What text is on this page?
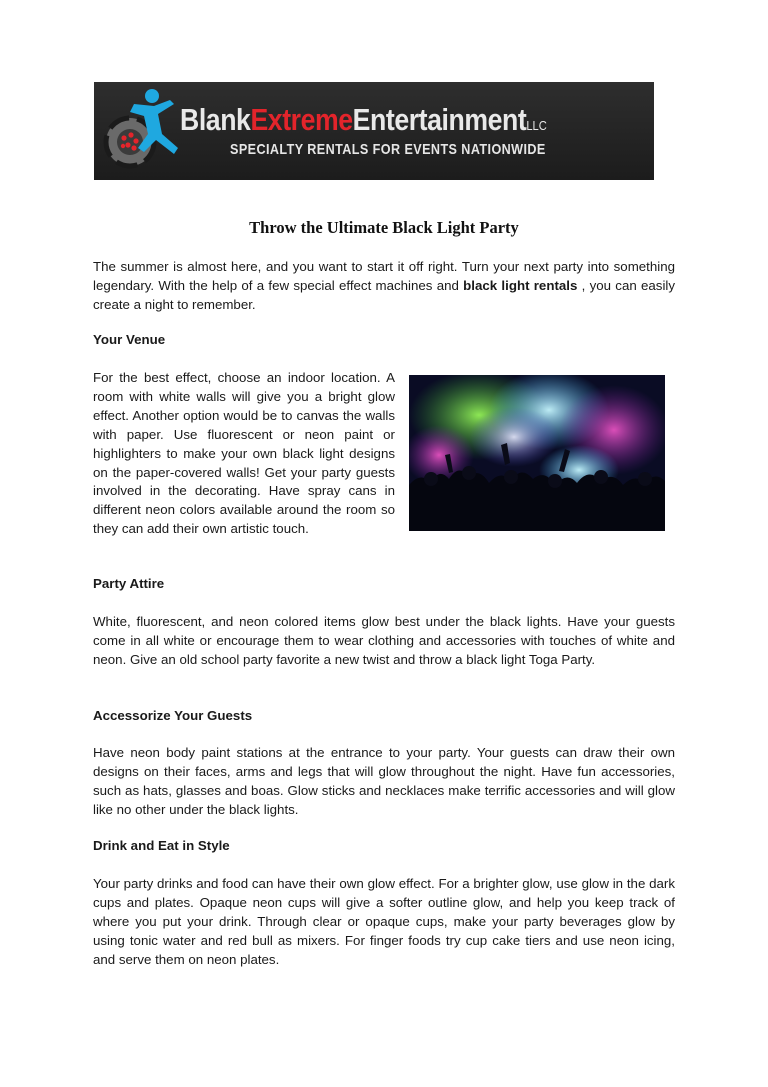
BlankExtremeEntertainmentLLC
SPECIALTY RENTALS FOR EVENTS NATIONWIDE
Throw the Ultimate Black Light Party

The summer is almost here, and you want to start it off right. Turn your next party into something legendary. With the help of a few special effect machines and black light rentals , you can easily create a night to remember.

Your Venue

For the best effect, choose an indoor location. A room with white walls will give you a bright glow effect. Another option would be to canvas the walls with paper. Use fluorescent or neon paint or highlighters to make your own black light designs on the paper-covered walls! Get your party guests involved in the decorating. Have spray cans in different neon colors available around the room so they can add their own artistic touch.

Party Attire

White, fluorescent, and neon colored items glow best under the black lights. Have your guests come in all white or encourage them to wear clothing and accessories with touches of white and neon. Give an old school party favorite a new twist and throw a black light Toga Party.

Accessorize Your Guests

Have neon body paint stations at the entrance to your party. Your guests can draw their own designs on their faces, arms and legs that will glow throughout the night. Have fun accessories, such as hats, glasses and boas. Glow sticks and necklaces make terrific accessories and will glow like no other under the black lights.

Drink and Eat in Style

Your party drinks and food can have their own glow effect. For a brighter glow, use glow in the dark cups and plates. Opaque neon cups will give a softer outline glow, and help you keep track of where you put your drink. Through clear or opaque cups, make your party beverages glow by using tonic water and red bull as mixers. For finger foods try cup cake tiers and use neon icing, and serve them on neon plates.
